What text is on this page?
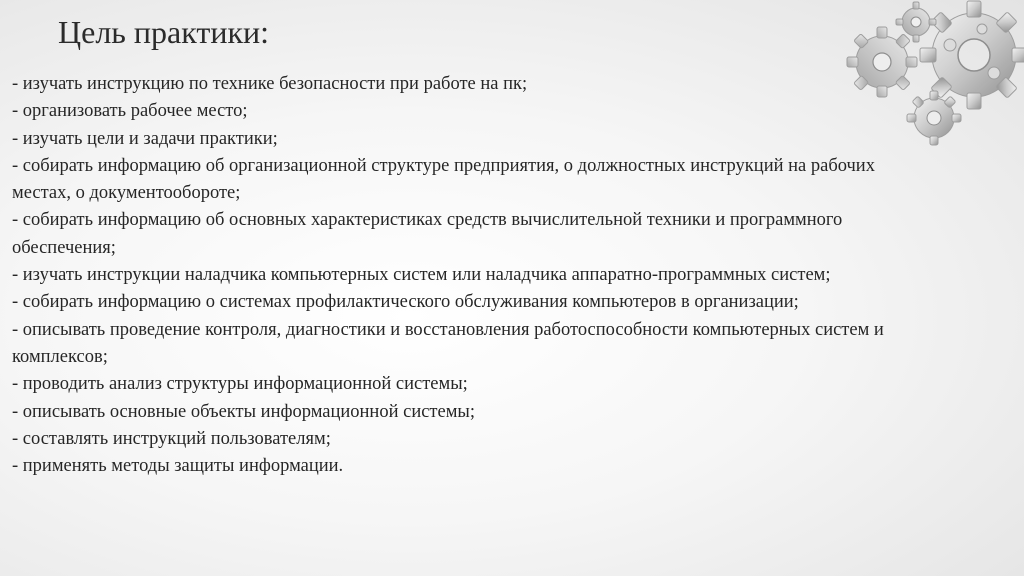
Цель практики:
- изучать инструкцию по технике безопасности при работе на пк;
- организовать рабочее место;
- изучать цели и задачи практики;
- собирать информацию об организационной структуре предприятия, о должностных инструкций на рабочих местах, о документообороте;
- собирать информацию об основных характеристиках средств вычислительной техники и программного обеспечения;
- изучать инструкции наладчика компьютерных систем или наладчика аппаратно-программных систем;
- собирать информацию о системах профилактического обслуживания компьютеров в организации;
- описывать проведение контроля, диагностики и восстановления работоспособности компьютерных систем и комплексов;
- проводить анализ структуры информационной системы;
- описывать основные объекты информационной системы;
- составлять инструкций пользователям;
- применять методы защиты информации.
